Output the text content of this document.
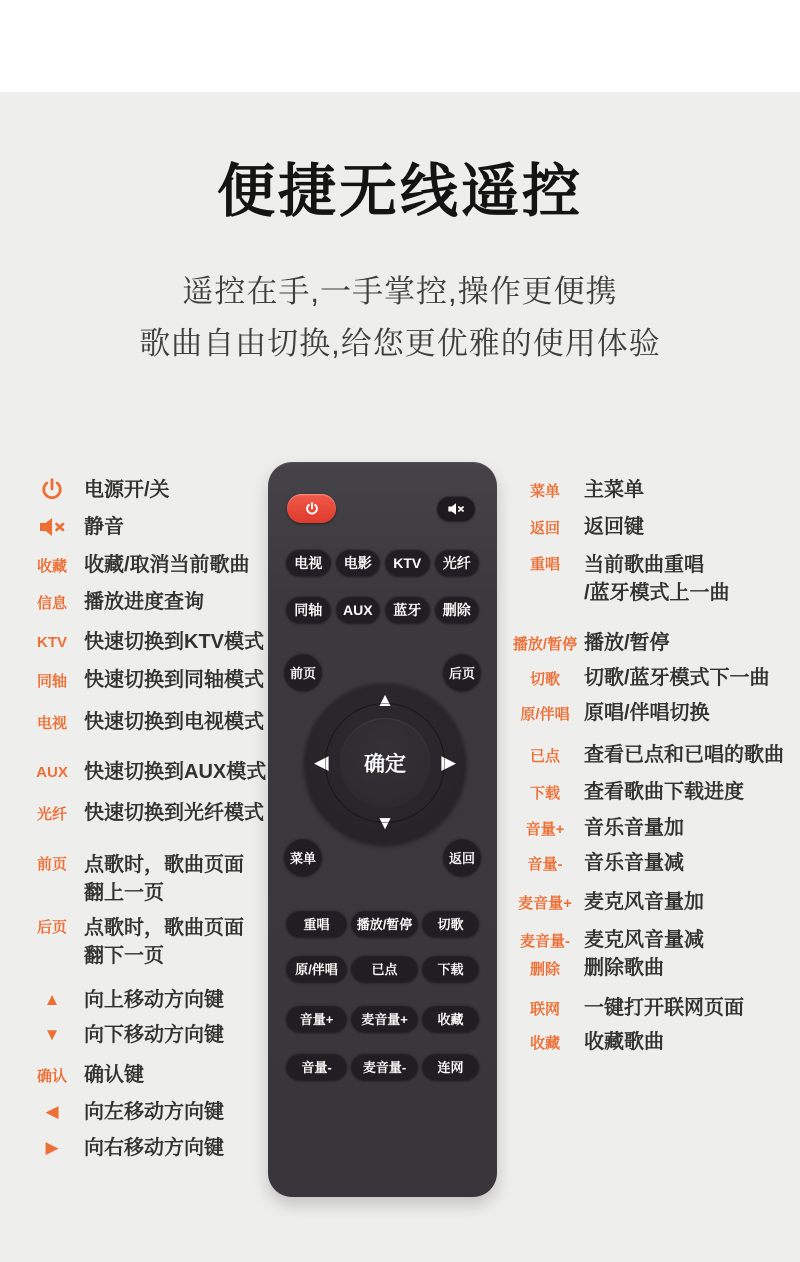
便捷无线遥控
遥控在手,一手掌控,操作更便携
歌曲自由切换,给您更优雅的使用体验
电源开/关
静音
收藏 收藏/取消当前歌曲
信息 播放进度查询
KTV 快速切换到KTV模式
同轴 快速切换到同轴模式
电视 快速切换到电视模式
AUX 快速切换到AUX模式
光纤 快速切换到光纤模式
前页 点歌时，歌曲页面
翻上一页
后页 点歌时，歌曲页面
翻下一页
▲	向上移动方向键
▼	向下移动方向键
确认 确认键
◀	向左移动方向键
▶	向右移动方向键
菜单	主菜单
返回	返回键
重唱	当前歌曲重唱
/蓝牙模式上一曲
播放/暂停 播放/暂停
切歌	切歌/蓝牙模式下一曲
原/伴唱 原唱/伴唱切换
已点	查看已点和已唱的歌曲
下载	查看歌曲下载进度
音量+ 音乐音量加
音量- 音乐音量减
麦音量+ 麦克风音量加
麦音量- 麦克风音量减
删除	删除歌曲
联网	一键打开联网页面
收藏	收藏歌曲
电视	电影	KTV	光纤
同轴	AUX	蓝牙	删除
前页	后页
▲
▼
◀	▶
确定
菜单	返回
重唱	播放/暂停	切歌
原/伴唱	已点	下载
音量+	麦音量+	收藏
音量-	麦音量-	连网
